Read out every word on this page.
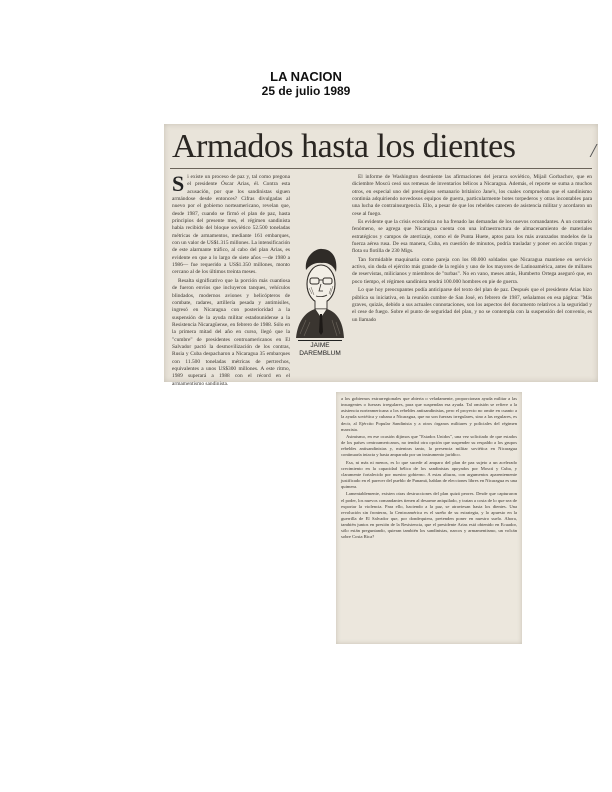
LA NACION
25 de julio 1989
Armados hasta los dientes	/
S i existe un proceso de paz y, tal como pregona el presidente Óscar Arias, él. Contra esta acusación, por que los sandinistas siguen armándose desde entonces? Cifras divulgadas al nuevo por el gobierno norteamericano, revelan que, desde 1987, cuando se firmó el plan de paz, hasta principios del presente mes, el régimen sandinista había recibido del bloque soviético 52.500 toneladas métricas de armamentos, mediante 161 embarques, con un valor de US$1.315 millones. La intensificación de este alarmante tráfico, al cabo del plan Arias, es evidente en que a lo largo de siete años —de 1980 a 1986— fue requerido a US$1.350 millones, monto cercano al de los últimos treinta meses.

Resalta significativo que la porción más cuantiosa de fueron envíos que incluyeron tanques, vehículos blindados, modernos aviones y helicópteros de combate, radares, artillería pesada y antimisiles, ingresó en Nicaragua con posterioridad a la suspensión de la ayuda militar estadounidense a la Resistencia Nicaragüense, en febrero de 1988. Sólo en la primera mitad del año en curso, llegó que la "cumbre" de presidentes centroamericanos en El Salvador pactó la desmovilización de los contras, Rusia y Cuba despacharon a Nicaragua 35 embarques con 11.500 toneladas métricas de pertrechos, equivalentes a unos US$300 millones. A este ritmo, 1989 superará a 1988 con el récord en el armamentismo sandinista.

JAIME DAREMBLUM

El informe de Washington desmiente las afirmaciones del jerarca soviético, Mijail Gorbachov, que en diciembre Moscú cesó sus remesas de inventarios bélicos a Nicaragua. Además, el reporte se suma a muchos otros, en especial uno del prestigioso semanario británico Jane's, los cuales comprueban que el sandinismo continúa adquiriendo novedosos equipos de guerra, particularmente botes torpederos y otras incontables para una lucha de contrainsurgencia. Ello, a pesar de que los rebeldes carecen de asistencia militar y acordaron un cese al fuego.

Es evidente que la crisis económica no ha frenado las demandas de los nuevos comandantes. A un contrario fenómeno, se agrega que Nicaragua cuenta con una infraestructura de almacenamiento de materiales estratégicos y campos de aterrizaje, como el de Punta Huete, aptos para los más avanzados modelos de la fuerza aérea rusa. De esa manera, Cuba, en cuestión de minutos, podría trasladar y poner en acción tropas y flota su flotilla de 230 Migs.

Tan formidable maquinaria como pareja con los 80.000 soldados que Nicaragua mantiene en servicio activo, sin duda el ejército más grande de la región y uno de los mayores de Latinoamérica, antes de millares de reservistas, milicianos y miembros de "turbas". No en vano, meses atrás, Humberto Ortega aseguró que, en poco tiempo, el régimen sandinista tendrá 100.000 hombres en pie de guerra.

Lo que hoy preocupantes podía anticiparse del texto del plan de paz. Después que el presidente Arias hizo pública su iniciativa, en la reunión cumbre de San José, en febrero de 1987, señalamos en esa página: "Más graves, quizás, debido a sus actuales connotaciones, son los aspectos del documento relativos a la seguridad y el cese de fuego. Sobre el punto de seguridad del plan, y no se contempla con la suspensión del convenio, es un llamado

a los gobiernos extrarregionales que abierta o veladamente, proporcionan ayuda militar a las insurgentes o fuerzas irregulares, para que suspendan esa ayuda. Tal omisión se refiere a la asistencia norteamericana a los rebeldes antisandinistas, pero el proyecto no omite en cuanto a la ayuda soviética y cubana a Nicaragua, que no son fuerzas irregulares, sino a las regulares, es decir, al Ejército Popular Sandinista y a otros órganos militares y policiales del régimen marxista.

Asimismo, en ese ocasión dijimos que "Estados Unidos", una vez solicitado de que estados de los países centroamericanos, no tendrá otra opción que suspender su respaldo a los grupos rebeldes antisandinistas y, mientras tanto, la presencia militar soviética en Nicaragua continuaría intacta y hasta amparada por un instrumento jurídico.

Esa, ni más ni menos, es lo que sucede al amparo del plan de paz sujeto a un acelerado crecimiento en la capacidad bélica de los sandinistas apoyados por Moscú y Cuba, y claramente fortalecido por nuestro gobierno. A estas alturas, con argumentos aparentemente justificado en el parecer del pueblo de Panamá, hablan de elecciones libres en Nicaragua es una quimera.

Lamentablemente, existen otras destrucciones del plan quizá peores. Desde que capturaron el poder, los nuevos comandantes tienen al desarme aniquilado, y tratan a costa de lo que sea de exportar la violencia. Para ello, haciendo a la paz, se atraviesan hasta los dientes. Una revolución sin fronteras, la Centroamérica es el sueño de su estrategia, y lo apuesto en la guerrilla de El Salvador que, por dondequiera, pretenden poner en nuestro suelo. Ahora, también juntos en presión de la Resistencia, que el presidente Arias está obtenido en Ecuador, sólo están preguntando, quieran también los sandinistas, narcos y armamentismo, un volcán sobre Costa Rica?
